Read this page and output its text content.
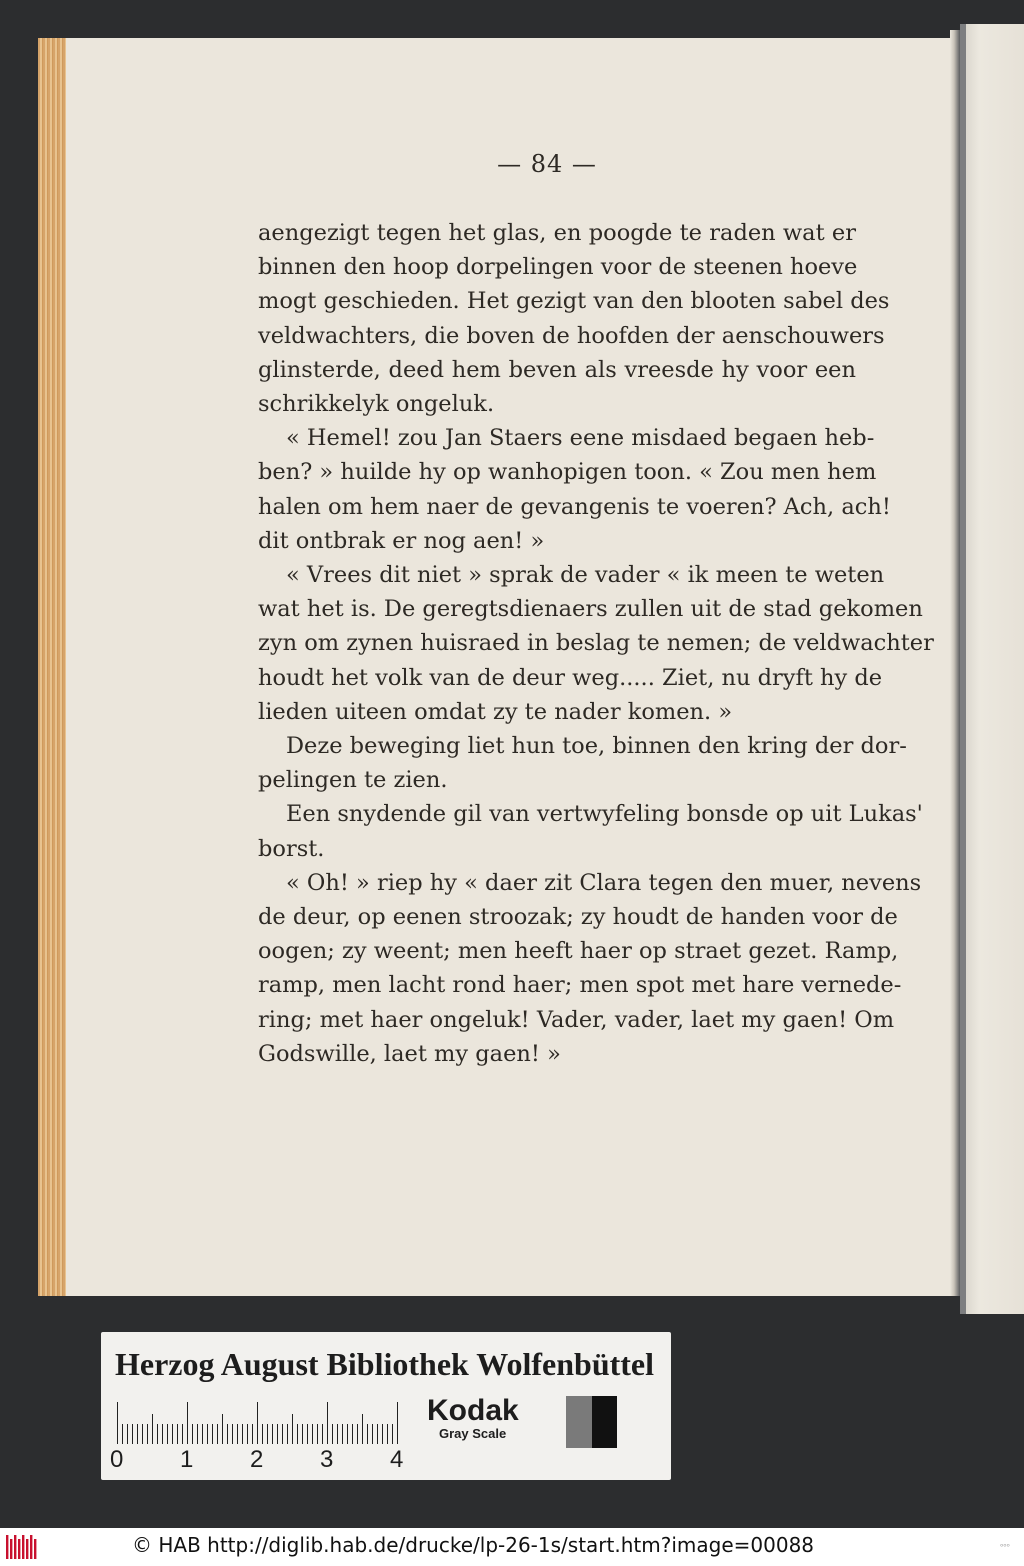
— 84 —
aengezigt tegen het glas, en poogde te raden wat er
binnen den hoop dorpelingen voor de steenen hoeve
mogt geschieden. Het gezigt van den blooten sabel des
veldwachters, die boven de hoofden der aenschouwers
glinsterde, deed hem beven als vreesde hy voor een
schrikkelyk ongeluk.
« Hemel! zou Jan Staers eene misdaed begaen heb-
ben? » huilde hy op wanhopigen toon. « Zou men hem
halen om hem naer de gevangenis te voeren? Ach, ach!
dit ontbrak er nog aen! »
« Vrees dit niet » sprak de vader « ik meen te weten
wat het is. De geregtsdienaers zullen uit de stad gekomen
zyn om zynen huisraed in beslag te nemen; de veldwachter
houdt het volk van de deur weg..... Ziet, nu dryft hy de
lieden uiteen omdat zy te nader komen. »
Deze beweging liet hun toe, binnen den kring der dor-
pelingen te zien.
Een snydende gil van vertwyfeling bonsde op uit Lukas'
borst.
« Oh! » riep hy « daer zit Clara tegen den muer, nevens
de deur, op eenen stroozak; zy houdt de handen voor de
oogen; zy weent; men heeft haer op straet gezet. Ramp,
ramp, men lacht rond haer; men spot met hare vernede-
ring; met haer ongeluk! Vader, vader, laet my gaen! Om
Godswille, laet my gaen! »
Herzog August Bibliothek Wolfenbüttel
0 1 2 3 4
Kodak
Gray Scale
© HAB http://diglib.hab.de/drucke/lp-26-1s/start.htm?image=00088	ᵒᵒᵒ
